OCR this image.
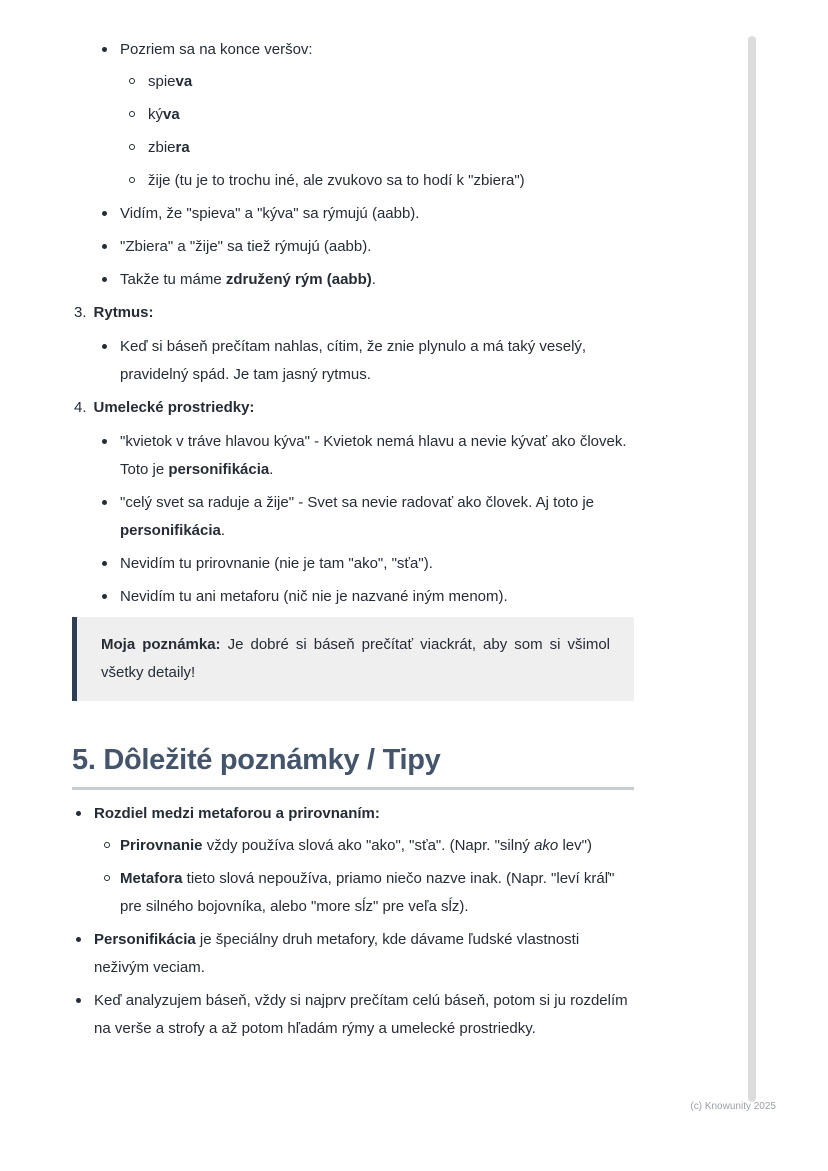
Pozriem sa na konce veršov:
spieva
kýva
zbiera
žije (tu je to trochu iné, ale zvukovo sa to hodí k "zbiera")
Vidím, že "spieva" a "kýva" sa rýmujú (aabb).
"Zbiera" a "žije" sa tiež rýmujú (aabb).
Takže tu máme združený rým (aabb).
3. Rytmus:
Keď si báseň prečítam nahlas, cítim, že znie plynulo a má taký veselý, pravidelný spád. Je tam jasný rytmus.
4. Umelecké prostriedky:
"kvietok v tráve hlavou kýva" - Kvietok nemá hlavu a nevie kývať ako človek. Toto je personifikácia.
"celý svet sa raduje a žije" - Svet sa nevie radovať ako človek. Aj toto je personifikácia.
Nevidím tu prirovnanie (nie je tam "ako", "sťa").
Nevidím tu ani metaforu (nič nie je nazvané iným menom).

Moja poznámka: Je dobré si báseň prečítať viackrát, aby som si všimol všetky detaily!

5. Dôležité poznámky / Tipy
Rozdiel medzi metaforou a prirovnaním:
Prirovnanie vždy používa slová ako "ako", "sťa". (Napr. "silný ako lev")
Metafora tieto slová nepoužíva, priamo niečo nazve inak. (Napr. "leví kráľ" pre silného bojovníka, alebo "more sĺz" pre veľa sĺz).
Personifikácia je špeciálny druh metafory, kde dávame ľudské vlastnosti neživým veciam.
Keď analyzujem báseň, vždy si najprv prečítam celú báseň, potom si ju rozdelím na verše a strofy a až potom hľadám rýmy a umelecké prostriedky.
(c) Knowunity 2025
